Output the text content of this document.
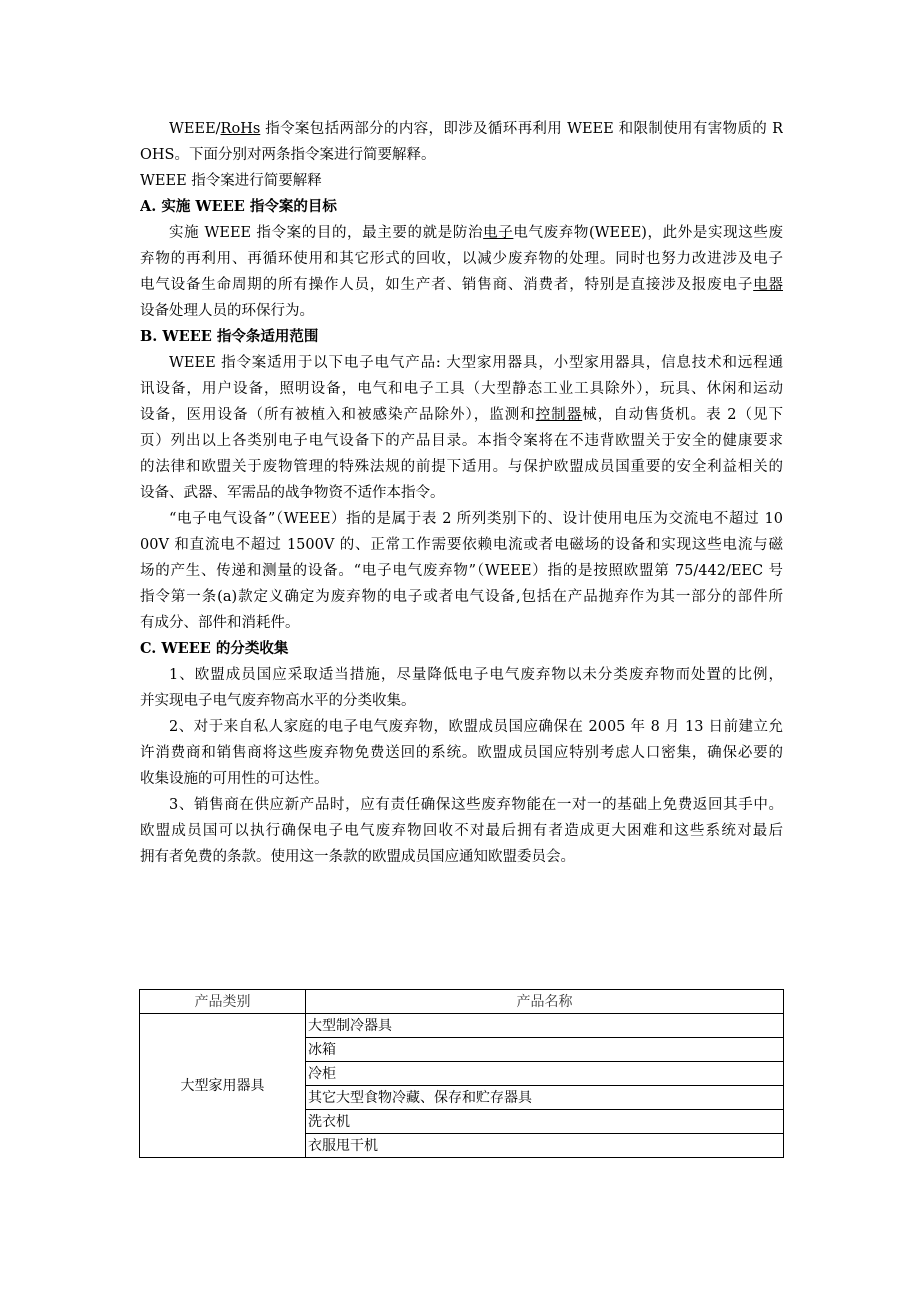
WEEE/RoHs 指令案包括两部分的内容，即涉及循环再利用 WEEE 和限制使用有害物质的 R
OHS。下面分别对两条指令案进行简要解释。
WEEE 指令案进行简要解释
A. 实施 WEEE 指令案的目标
实施 WEEE 指令案的目的，最主要的就是防治电子电气废弃物(WEEE)，此外是实现这些废
弃物的再利用、再循环使用和其它形式的回收，以减少废弃物的处理。同时也努力改进涉及电子
电气设备生命周期的所有操作人员，如生产者、销售商、消费者，特别是直接涉及报废电子电器
设备处理人员的环保行为。
B. WEEE 指令条适用范围
WEEE 指令案适用于以下电子电气产品: 大型家用器具，小型家用器具，信息技术和远程通
讯设备，用户设备，照明设备，电气和电子工具（大型静态工业工具除外），玩具、休闲和运动
设备，医用设备（所有被植入和被感染产品除外），监测和控制器械，自动售货机。表 2（见下
页）列出以上各类别电子电气设备下的产品目录。本指令案将在不违背欧盟关于安全的健康要求
的法律和欧盟关于废物管理的特殊法规的前提下适用。与保护欧盟成员国重要的安全利益相关的
设备、武器、军需品的战争物资不适作本指令。
“电子电气设备”（WEEE）指的是属于表 2 所列类别下的、设计使用电压为交流电不超过 10
00V 和直流电不超过 1500V 的、正常工作需要依赖电流或者电磁场的设备和实现这些电流与磁
场的产生、传递和测量的设备。“电子电气废弃物”（WEEE）指的是按照欧盟第 75/442/EEC 号
指令第一条(a)款定义确定为废弃物的电子或者电气设备,包括在产品抛弃作为其一部分的部件所
有成分、部件和消耗件。
C. WEEE 的分类收集
1、欧盟成员国应采取适当措施，尽量降低电子电气废弃物以未分类废弃物而处置的比例，
并实现电子电气废弃物高水平的分类收集。
2、对于来自私人家庭的电子电气废弃物，欧盟成员国应确保在 2005 年 8 月 13 日前建立允
许消费商和销售商将这些废弃物免费送回的系统。欧盟成员国应特别考虑人口密集，确保必要的
收集设施的可用性的可达性。
3、销售商在供应新产品时，应有责任确保这些废弃物能在一对一的基础上免费返回其手中。
欧盟成员国可以执行确保电子电气废弃物回收不对最后拥有者造成更大困难和这些系统对最后
拥有者免费的条款。使用这一条款的欧盟成员国应通知欧盟委员会。
产品类别	产品名称
大型家用器具	大型制冷器具
	冰箱
	冷柜
	其它大型食物冷藏、保存和贮存器具
	洗衣机
	衣服甩干机
